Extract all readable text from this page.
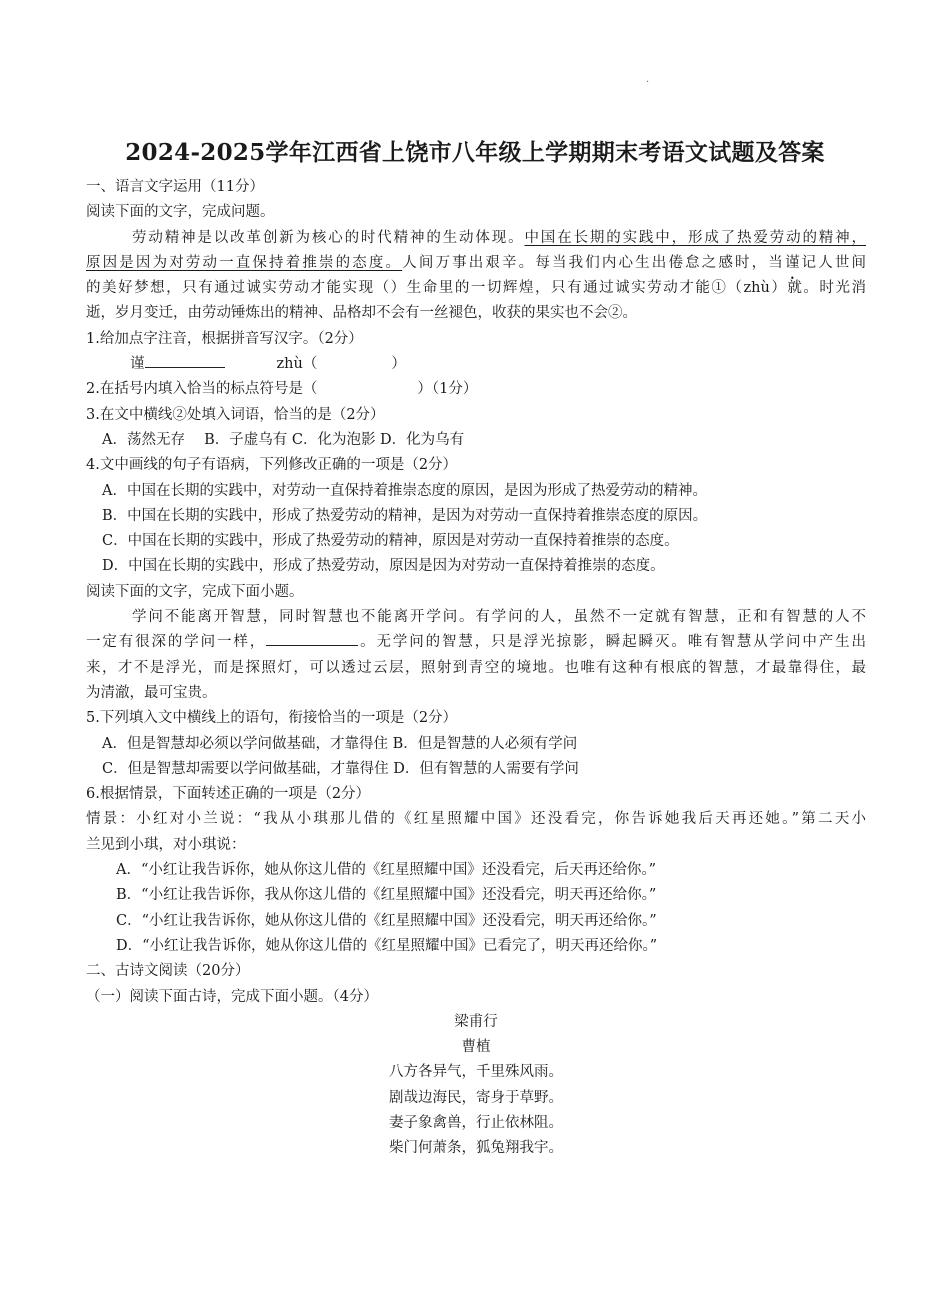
.
2024-2025学年江西省上饶市八年级上学期期末考语文试题及答案
一、语言文字运用（11分）
阅读下面的文字，完成问题。
劳动精神是以改革创新为核心的时代精神的生动体现。中国在长期的实践中，形成了热爱劳动的精神，
原因是因为对劳动一直保持着推崇的态度。人间万事出艰辛。每当我们内心生出倦怠之感时，当谨记人世间
的美好梦想，只有通过诚实劳动才能实现（）生命里的一切辉煌，只有通过诚实劳动才能①（zhù）就。时光消
逝，岁月变迁，由劳动锤炼出的精神、品格却不会有一丝褪色，收获的果实也不会②。
1.给加点字注音，根据拼音写汉字。（2分）
谨	zhù（	）
2.在括号内填入恰当的标点符号是（	）（1分）
3.在文中横线②处填入词语，恰当的是（2分）
A．荡然无存　 B．子虚乌有 C．化为泡影 D．化为乌有
4.文中画线的句子有语病，下列修改正确的一项是（2分）
A．中国在长期的实践中，对劳动一直保持着推崇态度的原因，是因为形成了热爱劳动的精神。
B．中国在长期的实践中，形成了热爱劳动的精神，是因为对劳动一直保持着推崇态度的原因。
C．中国在长期的实践中，形成了热爱劳动的精神，原因是对劳动一直保持着推崇的态度。
D．中国在长期的实践中，形成了热爱劳动，原因是因为对劳动一直保持着推崇的态度。
阅读下面的文字，完成下面小题。
学问不能离开智慧，同时智慧也不能离开学问。有学问的人，虽然不一定就有智慧，正和有智慧的人不
一定有很深的学问一样，	。无学问的智慧，只是浮光掠影，瞬起瞬灭。唯有智慧从学问中产生出
来，才不是浮光，而是探照灯，可以透过云层，照射到青空的境地。也唯有这种有根底的智慧，才最靠得住，最
为清澈，最可宝贵。
5.下列填入文中横线上的语句，衔接恰当的一项是（2分）
A．但是智慧却必须以学问做基础，才靠得住 B．但是智慧的人必须有学问
C．但是智慧却需要以学问做基础，才靠得住 D．但有智慧的人需要有学问
6.根据情景，下面转述正确的一项是（2分）
情景：小红对小兰说：“我从小琪那儿借的《红星照耀中国》还没看完，你告诉她我后天再还她。”第二天小
兰见到小琪，对小琪说：
A．“小红让我告诉你，她从你这儿借的《红星照耀中国》还没看完，后天再还给你。”
B．“小红让我告诉你，我从你这儿借的《红星照耀中国》还没看完，明天再还给你。”
C．“小红让我告诉你，她从你这儿借的《红星照耀中国》还没看完，明天再还给你。”
D．“小红让我告诉你，她从你这儿借的《红星照耀中国》已看完了，明天再还给你。”
二、古诗文阅读（20分）
（一）阅读下面古诗，完成下面小题。（4分）
梁甫行
曹植
八方各异气，千里殊风雨。
剧哉边海民，寄身于草野。
妻子象禽兽，行止依林阻。
柴门何萧条，狐兔翔我宇。
